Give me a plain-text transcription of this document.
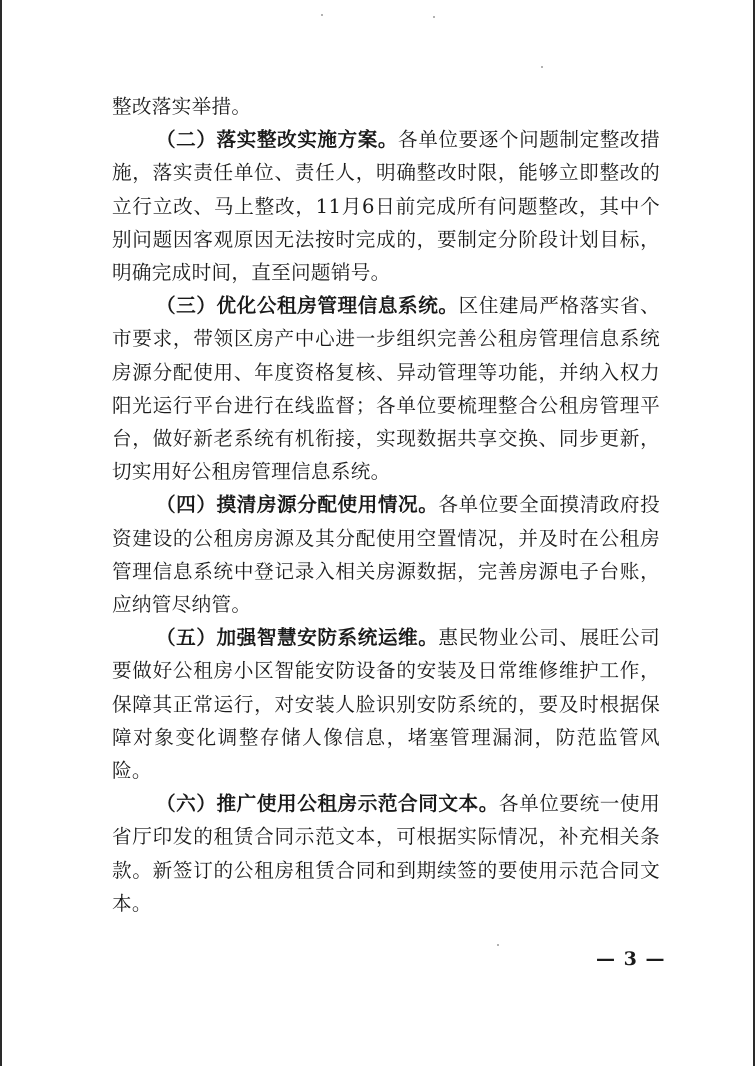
整改落实举措。

（二）落实整改实施方案。各单位要逐个问题制定整改措施，落实责任单位、责任人，明确整改时限，能够立即整改的立行立改、马上整改，11月6日前完成所有问题整改，其中个别问题因客观原因无法按时完成的，要制定分阶段计划目标，明确完成时间，直至问题销号。

（三）优化公租房管理信息系统。区住建局严格落实省、市要求，带领区房产中心进一步组织完善公租房管理信息系统房源分配使用、年度资格复核、异动管理等功能，并纳入权力阳光运行平台进行在线监督；各单位要梳理整合公租房管理平台，做好新老系统有机衔接，实现数据共享交换、同步更新，切实用好公租房管理信息系统。

（四）摸清房源分配使用情况。各单位要全面摸清政府投资建设的公租房房源及其分配使用空置情况，并及时在公租房管理信息系统中登记录入相关房源数据，完善房源电子台账，应纳管尽纳管。

（五）加强智慧安防系统运维。惠民物业公司、展旺公司要做好公租房小区智能安防设备的安装及日常维修维护工作，保障其正常运行，对安装人脸识别安防系统的，要及时根据保障对象变化调整存储人像信息，堵塞管理漏洞，防范监管风险。

（六）推广使用公租房示范合同文本。各单位要统一使用省厅印发的租赁合同示范文本，可根据实际情况，补充相关条款。新签订的公租房租赁合同和到期续签的要使用示范合同文本。

— 3 —
